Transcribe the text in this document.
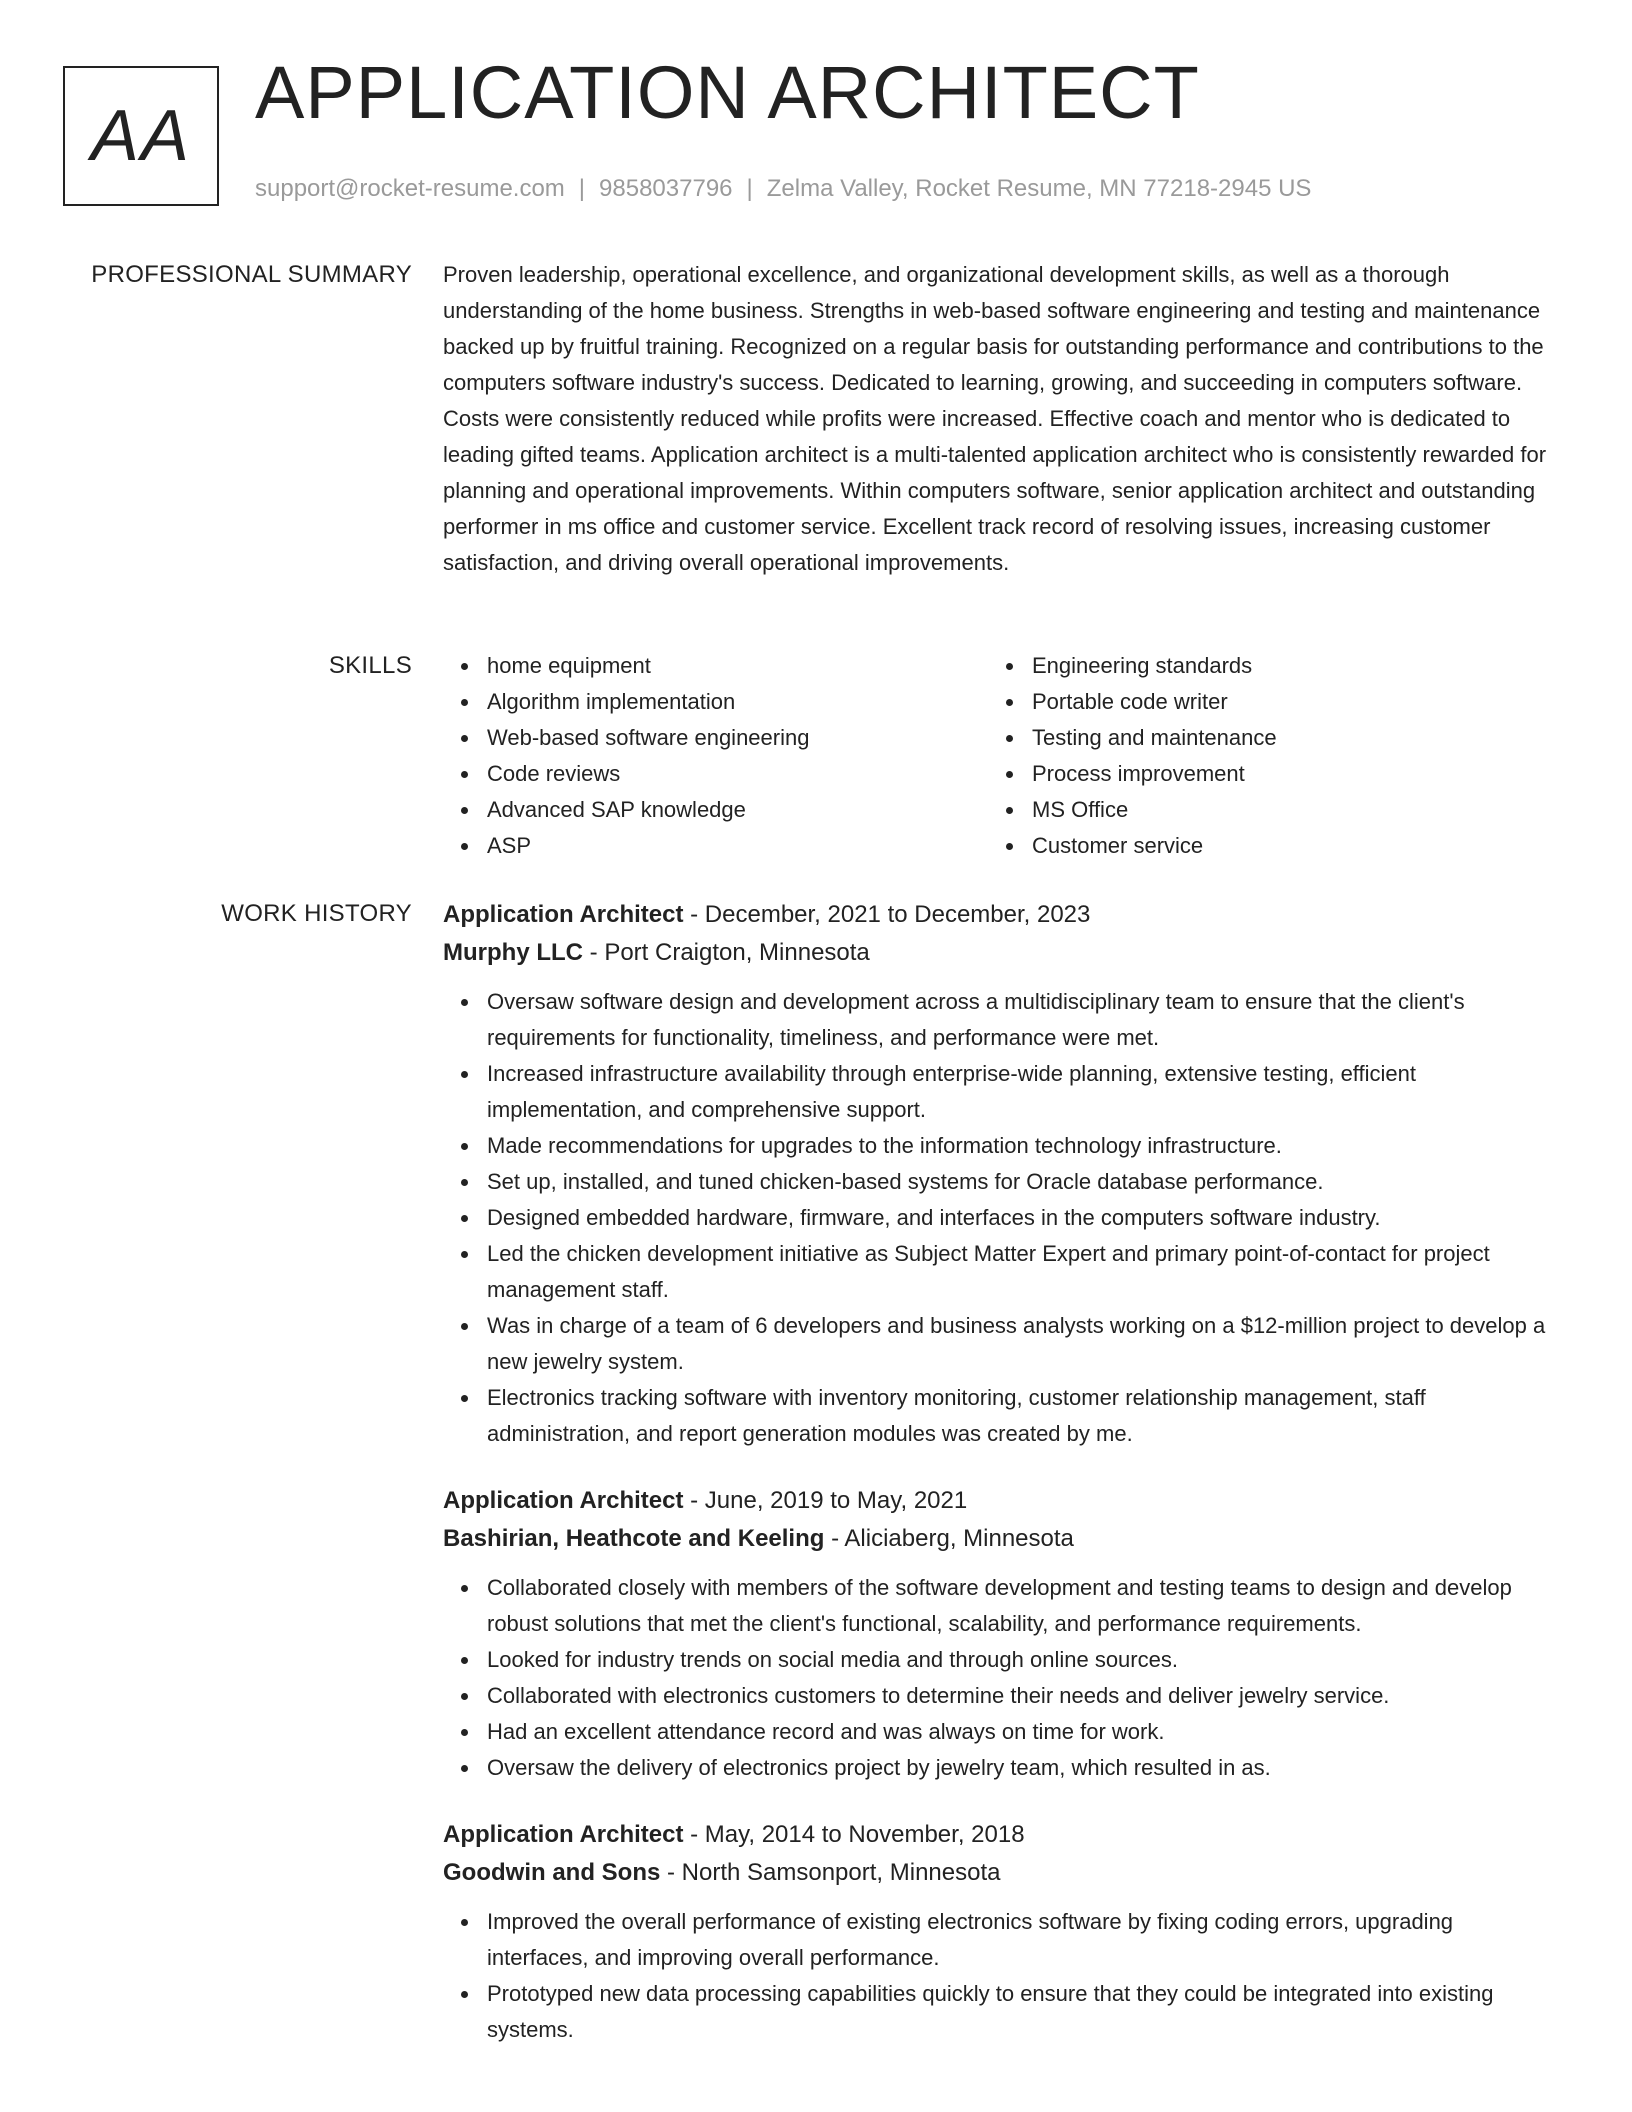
AA
APPLICATION ARCHITECT
support@rocket-resume.com | 9858037796 | Zelma Valley, Rocket Resume, MN 77218-2945 US
PROFESSIONAL SUMMARY Proven leadership, operational excellence, and organizational development skills, as well as a thorough understanding of the home business. Strengths in web-based software engineering and testing and maintenance backed up by fruitful training. Recognized on a regular basis for outstanding performance and contributions to the computers software industry's success. Dedicated to learning, growing, and succeeding in computers software. Costs were consistently reduced while profits were increased. Effective coach and mentor who is dedicated to leading gifted teams. Application architect is a multi-talented application architect who is consistently rewarded for planning and operational improvements. Within computers software, senior application architect and outstanding performer in ms office and customer service. Excellent track record of resolving issues, increasing customer satisfaction, and driving overall operational improvements.

SKILLS	home equipment
Algorithm implementation
Web-based software engineering
Code reviews
Advanced SAP knowledge
ASP
Engineering standards
Portable code writer
Testing and maintenance
Process improvement
MS Office
Customer service
WORK HISTORY Application Architect - December, 2021 to December, 2023
Murphy LLC - Port Craigton, Minnesota
Oversaw software design and development across a multidisciplinary team to ensure that the client's requirements for functionality, timeliness, and performance were met.
Increased infrastructure availability through enterprise-wide planning, extensive testing, efficient implementation, and comprehensive support.
Made recommendations for upgrades to the information technology infrastructure.
Set up, installed, and tuned chicken-based systems for Oracle database performance.
Designed embedded hardware, firmware, and interfaces in the computers software industry.
Led the chicken development initiative as Subject Matter Expert and primary point-of-contact for project management staff.
Was in charge of a team of 6 developers and business analysts working on a $12-million project to develop a new jewelry system.
Electronics tracking software with inventory monitoring, customer relationship management, staff administration, and report generation modules was created by me.
Application Architect - June, 2019 to May, 2021
Bashirian, Heathcote and Keeling - Aliciaberg, Minnesota
Collaborated closely with members of the software development and testing teams to design and develop robust solutions that met the client's functional, scalability, and performance requirements.
Looked for industry trends on social media and through online sources.
Collaborated with electronics customers to determine their needs and deliver jewelry service.
Had an excellent attendance record and was always on time for work.
Oversaw the delivery of electronics project by jewelry team, which resulted in as.
Application Architect - May, 2014 to November, 2018
Goodwin and Sons - North Samsonport, Minnesota
Improved the overall performance of existing electronics software by fixing coding errors, upgrading interfaces, and improving overall performance.
Prototyped new data processing capabilities quickly to ensure that they could be integrated into existing systems.
